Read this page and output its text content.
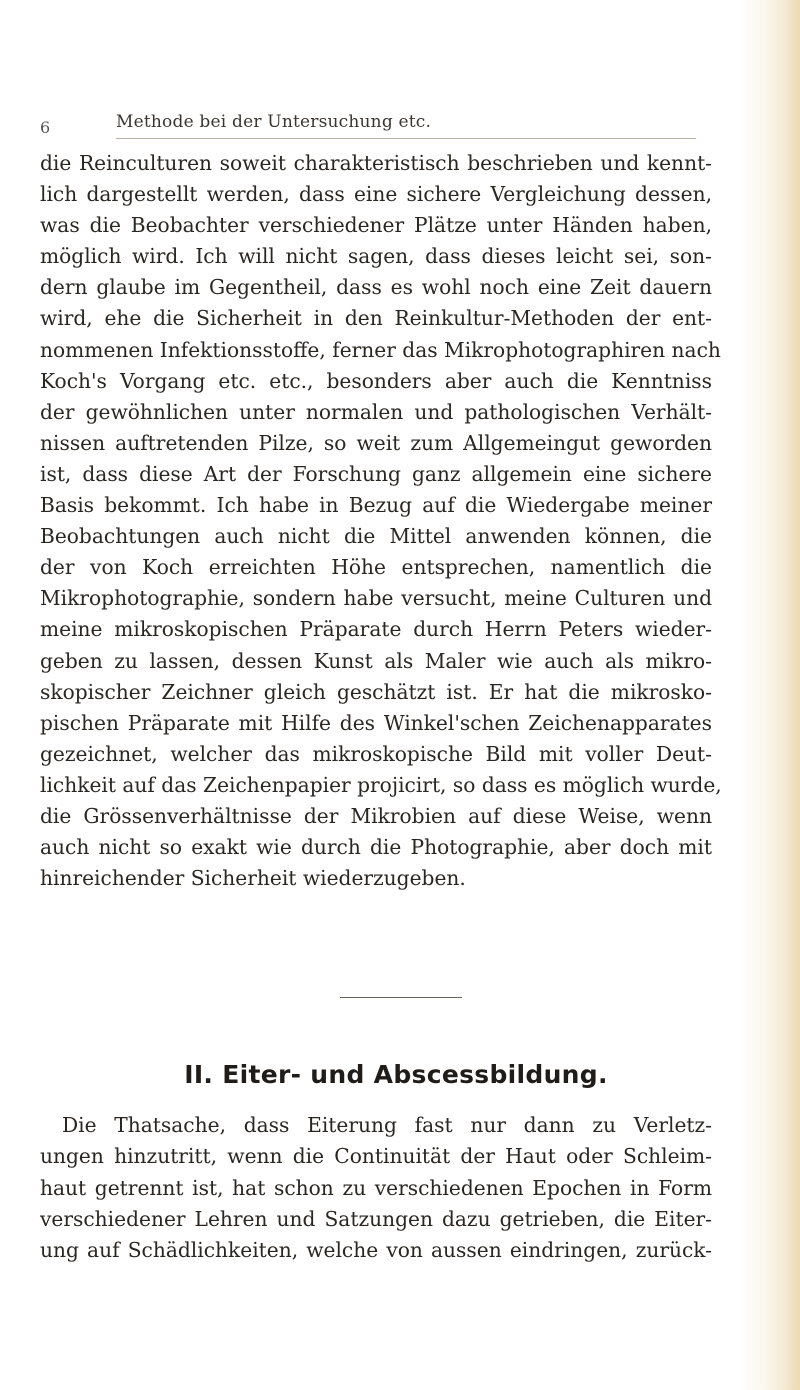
6	Methode bei der Untersuchung etc.
die Reinculturen soweit charakteristisch beschrieben und kennt-
lich dargestellt werden, dass eine sichere Vergleichung dessen,
was die Beobachter verschiedener Plätze unter Händen haben,
möglich wird. Ich will nicht sagen, dass dieses leicht sei, son-
dern glaube im Gegentheil, dass es wohl noch eine Zeit dauern
wird, ehe die Sicherheit in den Reinkultur-Methoden der ent-
nommenen Infektionsstoffe, ferner das Mikrophotographiren nach
Koch's Vorgang etc. etc., besonders aber auch die Kenntniss
der gewöhnlichen unter normalen und pathologischen Verhält-
nissen auftretenden Pilze, so weit zum Allgemeingut geworden
ist, dass diese Art der Forschung ganz allgemein eine sichere
Basis bekommt. Ich habe in Bezug auf die Wiedergabe meiner
Beobachtungen auch nicht die Mittel anwenden können, die
der von Koch erreichten Höhe entsprechen, namentlich die
Mikrophotographie, sondern habe versucht, meine Culturen und
meine mikroskopischen Präparate durch Herrn Peters wieder-
geben zu lassen, dessen Kunst als Maler wie auch als mikro-
skopischer Zeichner gleich geschätzt ist. Er hat die mikrosko-
pischen Präparate mit Hilfe des Winkel'schen Zeichenapparates
gezeichnet, welcher das mikroskopische Bild mit voller Deut-
lichkeit auf das Zeichenpapier projicirt, so dass es möglich wurde,
die Grössenverhältnisse der Mikrobien auf diese Weise, wenn
auch nicht so exakt wie durch die Photographie, aber doch mit
hinreichender Sicherheit wiederzugeben.
II. Eiter- und Abscessbildung.
Die Thatsache, dass Eiterung fast nur dann zu Verletz-
ungen hinzutritt, wenn die Continuität der Haut oder Schleim-
haut getrennt ist, hat schon zu verschiedenen Epochen in Form
verschiedener Lehren und Satzungen dazu getrieben, die Eiter-
ung auf Schädlichkeiten, welche von aussen eindringen, zurück-
